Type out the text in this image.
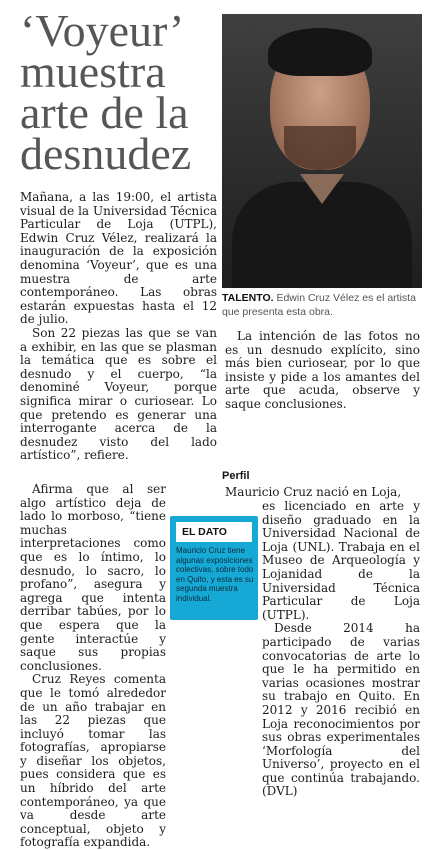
‘Voyeur’ muestra arte de la desnudez
TALENTO. Edwin Cruz Vélez es el artista que presenta esta obra.

Mañana, a las 19:00, el artista visual de la Universidad Técnica Particular de Loja (UTPL), Edwin Cruz Vélez, realizará la inauguración de la exposición denomina ‘Voyeur’, que es una muestra de arte contemporáneo. Las obras estarán expuestas hasta el 12 de julio.

Son 22 piezas las que se van a exhibir, en las que se plasman la temática que es sobre el desnudo y el cuerpo, “la denominé Voyeur, porque significa mirar o curiosear. Lo que pretendo es generar una interrogante acerca de la desnudez visto del lado artístico”, refiere.

Afirma que al ser algo artístico deja de lado lo morboso, “tiene muchas interpretaciones como que es lo íntimo, lo desnudo, lo sacro, lo profano”, asegura y agrega que intenta derribar tabúes, por lo que espera que la gente interactúe y saque sus propias conclusiones.

Cruz Reyes comenta que le tomó alrededor de un año trabajar en las 22 piezas que incluyó tomar las fotografías, apropiarse y diseñar los objetos, pues considera que es un híbrido del arte contemporáneo, ya que va desde arte conceptual, objeto y fotografía expandida.

EL DATO
Mauricio Cruz tiene algunas exposiciones colectivas, sobre todo en Quito, y esta es su segunda muestra individual.

La intención de las fotos no es un desnudo explícito, sino más bien curiosear, por lo que insiste y pide a los amantes del arte que acuda, observe y saque conclusiones.

Perfil

Mauricio Cruz nació en Loja,

es licenciado en arte y diseño graduado en la Universidad Nacional de Loja (UNL). Trabaja en el Museo de Arqueología y Lojanidad de la Universidad Técnica Particular de Loja (UTPL).

Desde 2014 ha participado de varias convocatorias de arte lo que le ha permitido en varias ocasiones mostrar su trabajo en Quito. En 2012 y 2016 recibió en Loja reconocimientos por sus obras experimentales ‘Morfología del Universo’, proyecto en el que continúa trabajando. (DVL)
